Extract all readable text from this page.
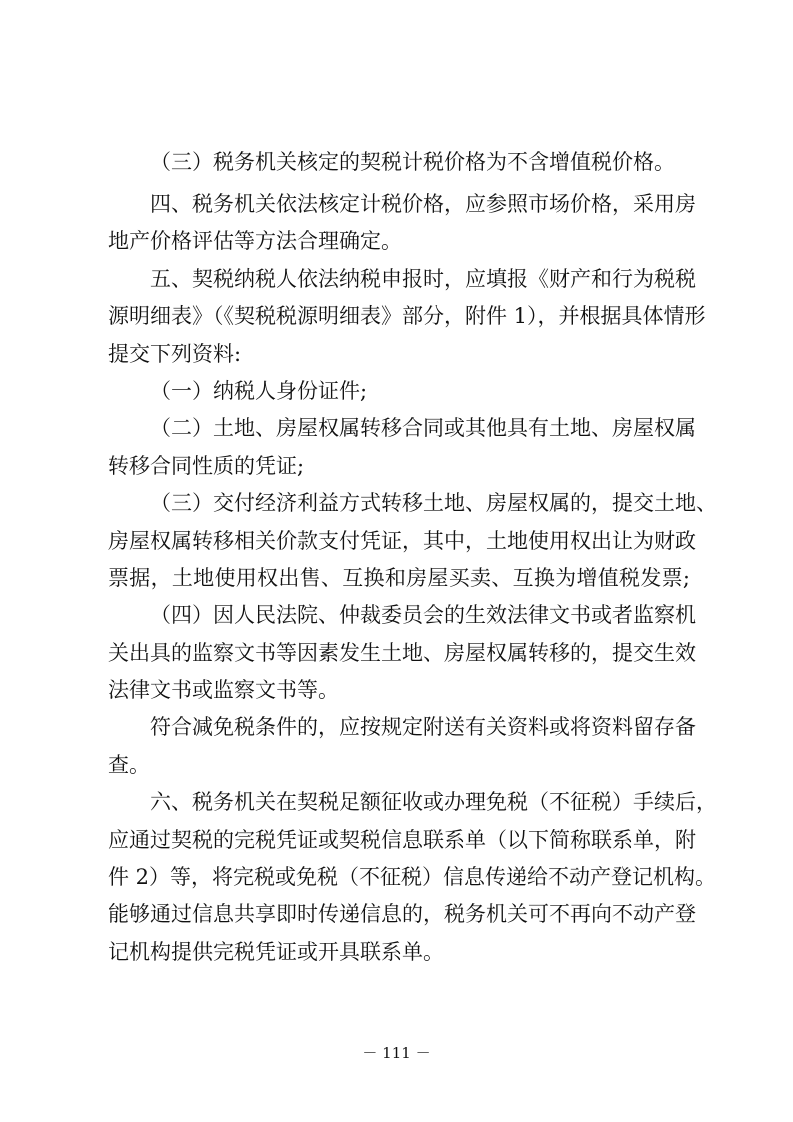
（三）税务机关核定的契税计税价格为不含增值税价格。
四、税务机关依法核定计税价格，应参照市场价格，采用房
地产价格评估等方法合理确定。
五、契税纳税人依法纳税申报时，应填报《财产和行为税税
源明细表》（《契税税源明细表》部分，附件 1），并根据具体情形
提交下列资料:
（一）纳税人身份证件;
（二）土地、房屋权属转移合同或其他具有土地、房屋权属
转移合同性质的凭证;
（三）交付经济利益方式转移土地、房屋权属的，提交土地、
房屋权属转移相关价款支付凭证，其中，土地使用权出让为财政
票据，土地使用权出售、互换和房屋买卖、互换为增值税发票;
（四）因人民法院、仲裁委员会的生效法律文书或者监察机
关出具的监察文书等因素发生土地、房屋权属转移的，提交生效
法律文书或监察文书等。
符合减免税条件的，应按规定附送有关资料或将资料留存备
查。
六、税务机关在契税足额征收或办理免税（不征税）手续后，
应通过契税的完税凭证或契税信息联系单（以下简称联系单，附
件 2）等，将完税或免税（不征税）信息传递给不动产登记机构。
能够通过信息共享即时传递信息的，税务机关可不再向不动产登
记机构提供完税凭证或开具联系单。
－ 111 －
